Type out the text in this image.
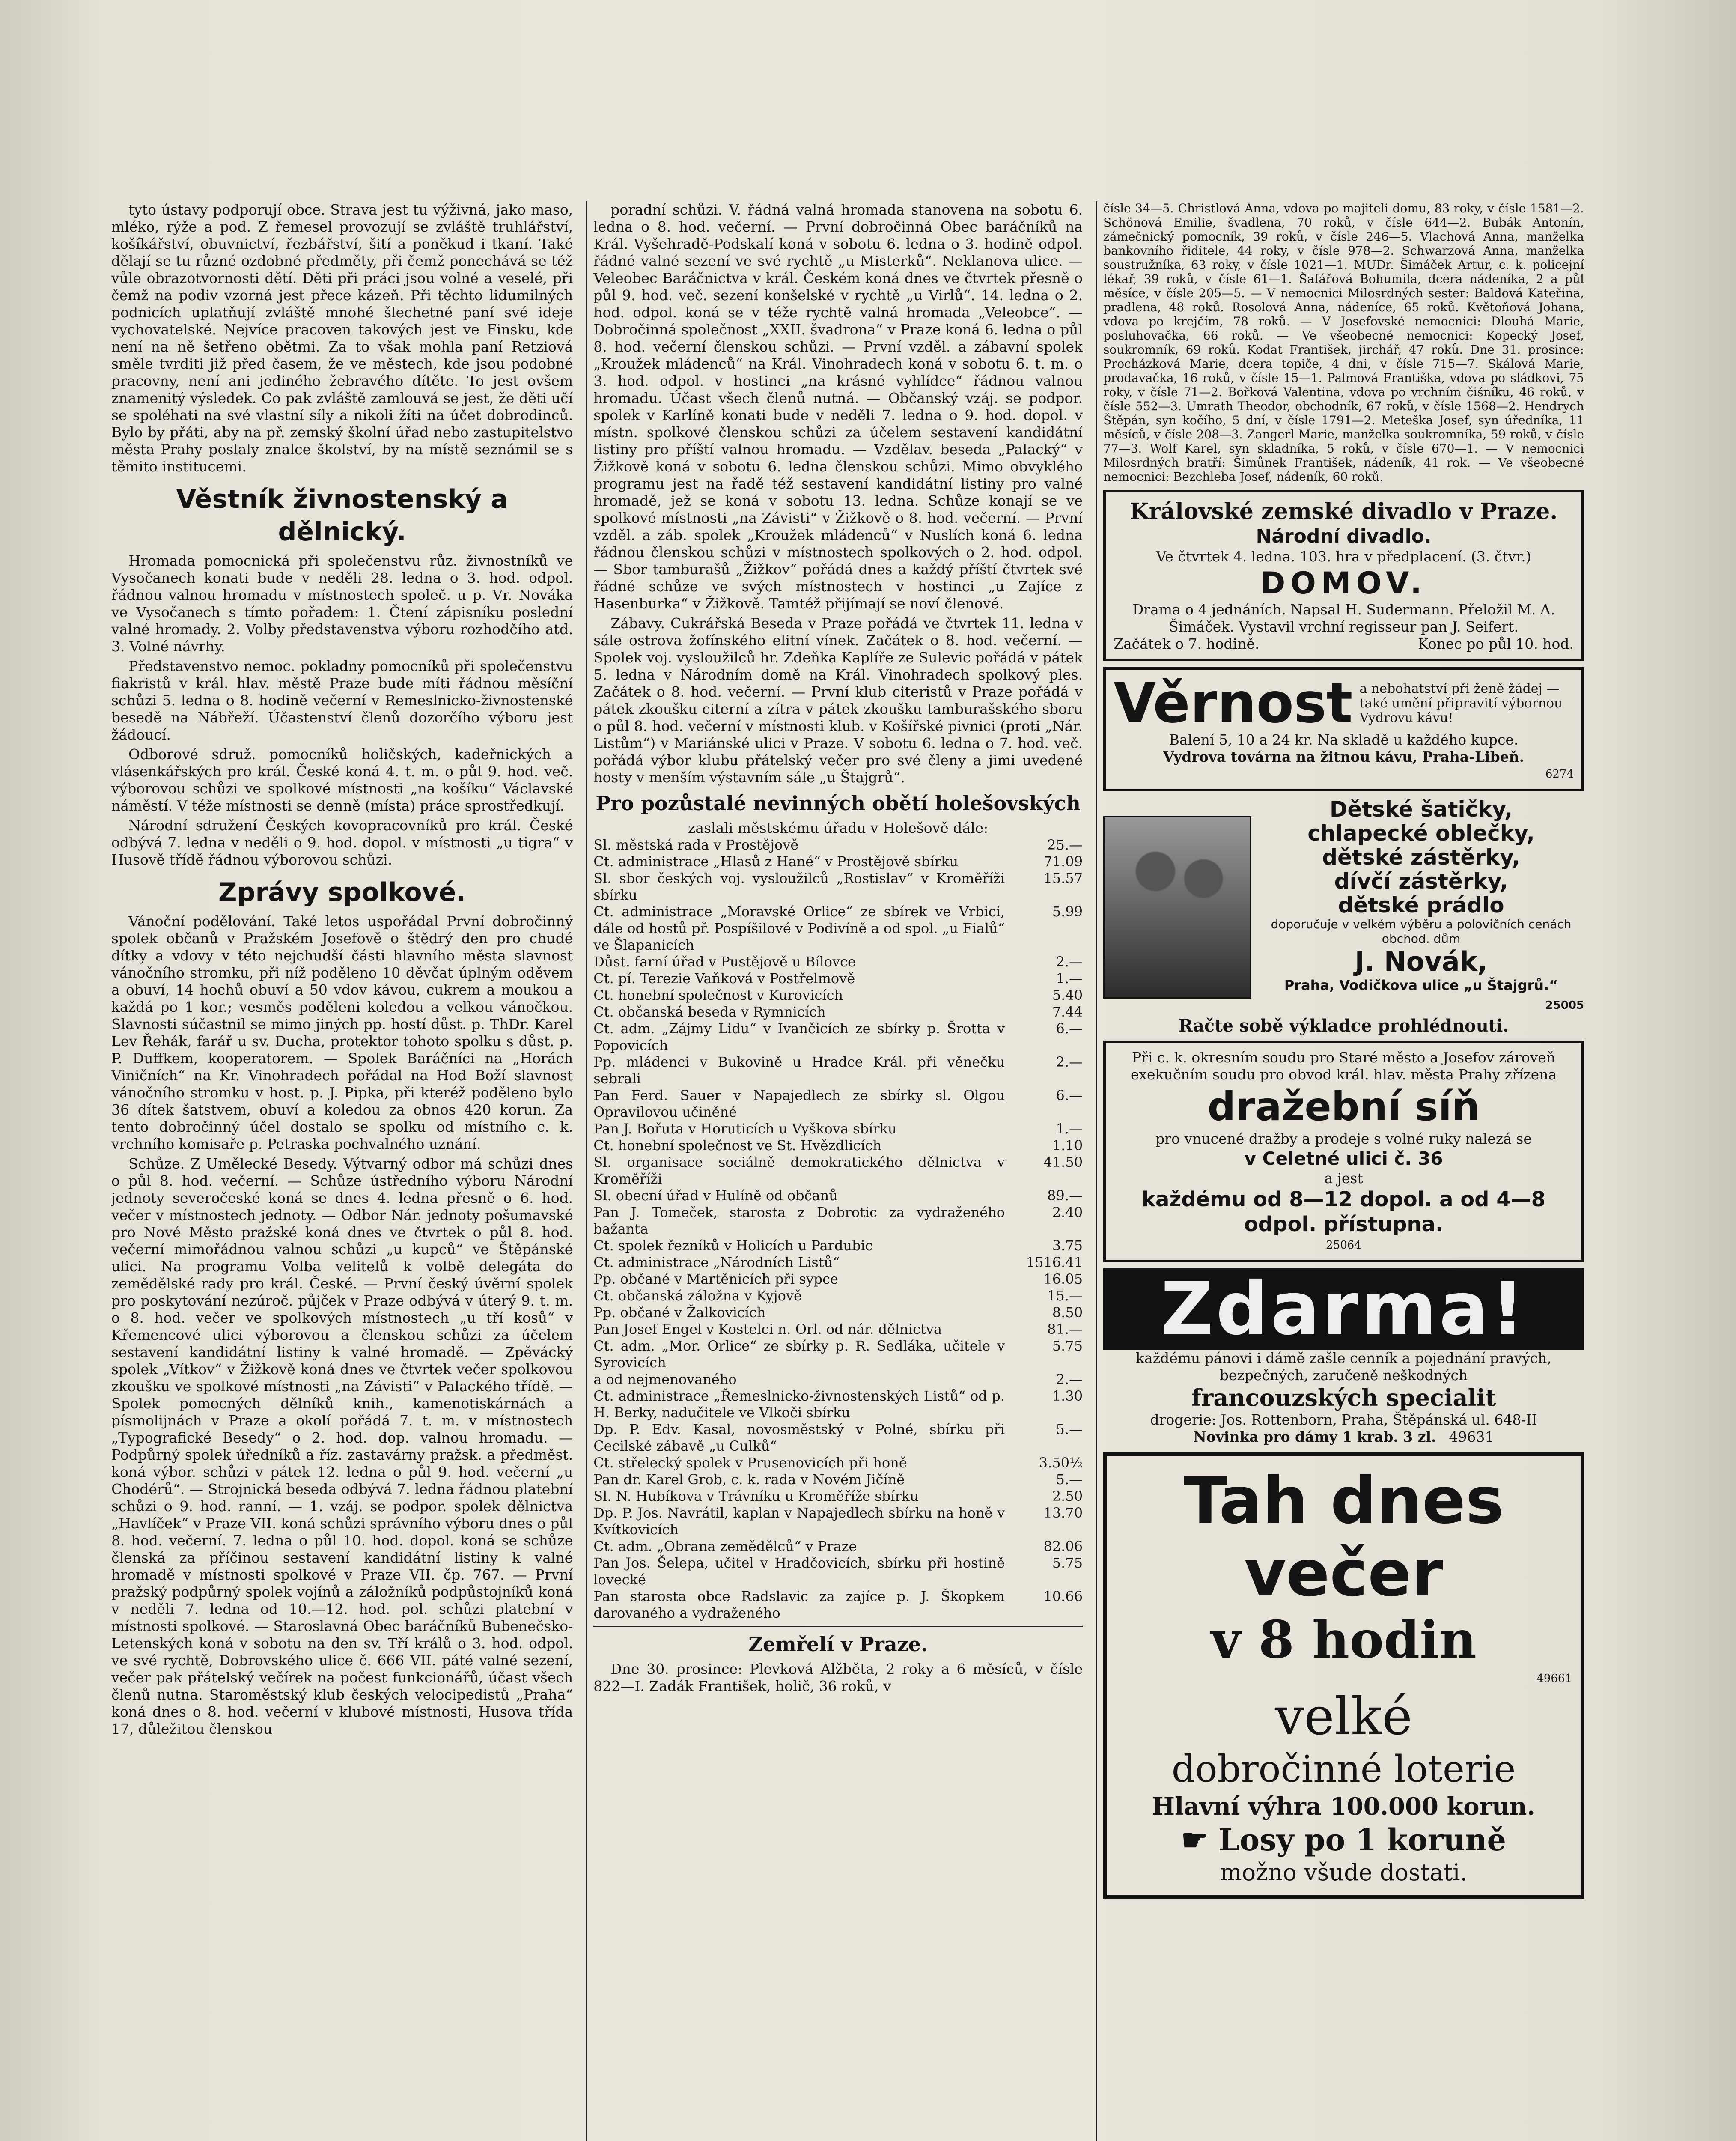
tyto ústavy podporují obce. Strava jest tu výživná, jako maso, mléko, rýže a pod. Z řemesel provozují se zvláště truhlářství, košíkářství, obuvnictví, řezbářství, šití a poněkud i tkaní. Také dělají se tu různé ozdobné předměty, při čemž ponechává se též vůle obrazotvornosti dětí. Děti při práci jsou volné a veselé, při čemž na podiv vzorná jest přece kázeň. Při těchto lidumilných podnicích uplatňují zvláště mnohé šlechetné paní své ideje vychovatelské. Nejvíce pracoven takových jest ve Finsku, kde není na ně šetřeno obětmi. Za to však mohla paní Retziová směle tvrditi již před časem, že ve městech, kde jsou podobné pracovny, není ani jediného žebravého dítěte. To jest ovšem znamenitý výsledek. Co pak zvláště zamlouvá se jest, že děti učí se spoléhati na své vlastní síly a nikoli žíti na účet dobrodinců. Bylo by přáti, aby na př. zemský školní úřad nebo zastupitelstvo města Prahy poslaly znalce školství, by na místě seznámil se s těmito institucemi.

Věstník živnostenský a dělnický.

Hromada pomocnická při společenstvu růz. živnostníků ve Vysočanech konati bude v neděli 28. ledna o 3. hod. odpol. řádnou valnou hromadu v místnostech společ. u p. Vr. Nováka ve Vysočanech s tímto pořadem: 1. Čtení zápisníku poslední valné hromady. 2. Volby představenstva výboru rozhodčího atd. 3. Volné návrhy.

Představenstvo nemoc. pokladny pomocníků při společenstvu fiakristů v král. hlav. městě Praze bude míti řádnou měsíční schůzi 5. ledna o 8. hodině večerní v Remeslnicko-živnostenské besedě na Nábřeží. Účastenství členů dozorčího výboru jest žádoucí.

Odborové sdruž. pomocníků holičských, kadeřnických a vlásenkářských pro král. České koná 4. t. m. o půl 9. hod. več. výborovou schůzi ve spolkové místnosti „na košíku“ Václavské náměstí. V téže místnosti se denně (místa) práce sprostředkují.

Národní sdružení Českých kovopracovníků pro král. České odbývá 7. ledna v neděli o 9. hod. dopol. v místnosti „u tigra“ v Husově třídě řádnou výborovou schůzi.

Zprávy spolkové.

Vánoční podělování. Také letos uspořádal První dobročinný spolek občanů v Pražském Josefově o štědrý den pro chudé dítky a vdovy v této nejchudší části hlavního města slavnost vánočního stromku, při níž poděleno 10 děvčat úplným oděvem a obuví, 14 hochů obuví a 50 vdov kávou, cukrem a moukou a každá po 1 kor.; vesměs poděleni koledou a velkou vánočkou. Slavnosti súčastnil se mimo jiných pp. hostí důst. p. ThDr. Karel Lev Řehák, farář u sv. Ducha, protektor tohoto spolku s důst. p. P. Duffkem, kooperatorem. — Spolek Baráčníci na „Horách Viničních“ na Kr. Vinohradech pořádal na Hod Boží slavnost vánočního stromku v host. p. J. Pipka, při kteréž poděleno bylo 36 dítek šatstvem, obuví a koledou za obnos 420 korun. Za tento dobročinný účel dostalo se spolku od místního c. k. vrchního komisaře p. Petraska pochvalného uznání.

Schůze. Z Umělecké Besedy. Výtvarný odbor má schůzi dnes o půl 8. hod. večerní. — Schůze ústředního výboru Národní jednoty severočeské koná se dnes 4. ledna přesně o 6. hod. večer v místnostech jednoty. — Odbor Nár. jednoty pošumavské pro Nové Město pražské koná dnes ve čtvrtek o půl 8. hod. večerní mimořádnou valnou schůzi „u kupců“ ve Štěpánské ulici. Na programu Volba velitelů k volbě delegáta do zemědělské rady pro král. České. — První český úvěrní spolek pro poskytování nezúroč. půjček v Praze odbývá v úterý 9. t. m. o 8. hod. večer ve spolkových místnostech „u tří kosů“ v Křemencové ulici výborovou a členskou schůzi za účelem sestavení kandidátní listiny k valné hromadě. — Zpěvácký spolek „Vítkov“ v Žižkově koná dnes ve čtvrtek večer spolkovou zkoušku ve spolkové místnosti „na Závisti“ v Palackého třídě. — Spolek pomocných dělníků knih., kamenotiskárnách a písmolijnách v Praze a okolí pořádá 7. t. m. v místnostech „Typografické Besedy“ o 2. hod. dop. valnou hromadu. — Podpůrný spolek úředníků a říz. zastavárny pražsk. a předměst. koná výbor. schůzi v pátek 12. ledna o půl 9. hod. večerní „u Chodérů“. — Strojnická beseda odbývá 7. ledna řádnou platební schůzi o 9. hod. ranní. — 1. vzáj. se podpor. spolek dělnictva „Havlíček“ v Praze VII. koná schůzi správního výboru dnes o půl 8. hod. večerní. 7. ledna o půl 10. hod. dopol. koná se schůze členská za příčinou sestavení kandidátní listiny k valné hromadě v místnosti spolkové v Praze VII. čp. 767. — První pražský podpůrný spolek vojínů a záložníků podpůstojníků koná v neděli 7. ledna od 10.—12. hod. pol. schůzi platební v místnosti spolkové. — Staroslavná Obec baráčníků Bubenečsko-Letenských koná v sobotu na den sv. Tří králů o 3. hod. odpol. ve své rychtě, Dobrovského ulice č. 666 VII. páté valné sezení, večer pak přátelský večírek na počest funkcionářů, účast všech členů nutna. Staroměstský klub českých velocipedistů „Praha“ koná dnes o 8. hod. večerní v klubové místnosti, Husova třída 17, důležitou členskou

poradní schůzi. V. řádná valná hromada stanovena na sobotu 6. ledna o 8. hod. večerní. — První dobročinná Obec baráčníků na Král. Vyšehradě-Podskalí koná v sobotu 6. ledna o 3. hodině odpol. řádné valné sezení ve své rychtě „u Misterků“. Neklanova ulice. — Veleobec Baráčnictva v král. Českém koná dnes ve čtvrtek přesně o půl 9. hod. več. sezení konšelské v rychtě „u Virlů“. 14. ledna o 2. hod. odpol. koná se v téže rychtě valná hromada „Veleobce“. — Dobročinná společnost „XXII. švadrona“ v Praze koná 6. ledna o půl 8. hod. večerní členskou schůzi. — První vzděl. a zábavní spolek „Kroužek mládenců“ na Král. Vinohradech koná v sobotu 6. t. m. o 3. hod. odpol. v hostinci „na krásné vyhlídce“ řádnou valnou hromadu. Účast všech členů nutná. — Občanský vzáj. se podpor. spolek v Karlíně konati bude v neděli 7. ledna o 9. hod. dopol. v místn. spolkové členskou schůzi za účelem sestavení kandidátní listiny pro příští valnou hromadu. — Vzdělav. beseda „Palacký“ v Žižkově koná v sobotu 6. ledna členskou schůzi. Mimo obvyklého programu jest na řadě též sestavení kandidátní listiny pro valné hromadě, jež se koná v sobotu 13. ledna. Schůze konají se ve spolkové místnosti „na Závisti“ v Žižkově o 8. hod. večerní. — První vzděl. a záb. spolek „Kroužek mládenců“ v Nuslích koná 6. ledna řádnou členskou schůzi v místnostech spolkových o 2. hod. odpol. — Sbor tamburašů „Žižkov“ pořádá dnes a každý příští čtvrtek své řádné schůze ve svých místnostech v hostinci „u Zajíce z Hasenburka“ v Žižkově. Tamtéž přijímají se noví členové.

Zábavy. Cukrářská Beseda v Praze pořádá ve čtvrtek 11. ledna v sále ostrova žofínského elitní vínek. Začátek o 8. hod. večerní. — Spolek voj. vysloužilců hr. Zdeňka Kaplíře ze Sulevic pořádá v pátek 5. ledna v Národním domě na Král. Vinohradech spolkový ples. Začátek o 8. hod. večerní. — První klub citeristů v Praze pořádá v pátek zkoušku citerní a zítra v pátek zkoušku tamburašského sboru o půl 8. hod. večerní v místnosti klub. v Košířské pivnici (proti „Nár. Listům“) v Mariánské ulici v Praze. V sobotu 6. ledna o 7. hod. več. pořádá výbor klubu přátelský večer pro své členy a jimi uvedené hosty v menším výstavním sále „u Štajgrů“.

Pro pozůstalé nevinných obětí holešovských
zaslali městskému úřadu v Holešově dále:
Sl. městská rada v Prostějově	25.—
Ct. administrace „Hlasů z Hané“ v Prostějově sbírku	71.09
Sl. sbor českých voj. vysloužilců „Rostislav“ v Kroměříži sbírku
15.57
Ct. administrace „Moravské Orlice“ ze sbírek ve Vrbici, dále od hostů př. Pospíšilové v Podivíně a od spol. „u Fialů“ ve Šlapanicích
5.99
Důst. farní úřad v Pustějově u Bílovce	2.—
Ct. pí. Terezie Vaňková v Postřelmově	1.—
Ct. honební společnost v Kurovicích	5.40
Ct. občanská beseda v Rymnicích	7.44
Ct. adm. „Zájmy Lidu“ v Ivančicích ze sbírky p. Šrotta v Popovicích
6.—
Pp. mládenci v Bukovině u Hradce Král. při věnečku sebrali
2.—
Pan Ferd. Sauer v Napajedlech ze sbírky sl. Olgou Opravilovou učiněné
6.—
Pan J. Bořuta v Horuticích u Vyškova sbírku	1.—
Ct. honební společnost ve St. Hvězdlicích	1.10
Sl. organisace sociálně demokratického dělnictva v Kroměříži
41.50
Sl. obecní úřad v Hulíně od občanů	89.—
Pan J. Tomeček, starosta z Dobrotic za vydraženého bažanta
2.40
Ct. spolek řezníků v Holicích u Pardubic	3.75
Ct. administrace „Národních Listů“	1516.41
Pp. občané v Martěnicích při sypce	16.05
Ct. občanská záložna v Kyjově	15.—
Pp. občané v Žalkovicích	8.50
Pan Josef Engel v Kostelci n. Orl. od nár. dělnictva	81.—
Ct. adm. „Mor. Orlice“ ze sbírky p. R. Sedláka, učitele v Syrovicích
5.75
a od nejmenovaného	2.—
Ct. administrace „Řemeslnicko-živnostenských Listů“ od p. H. Berky, nadučitele ve Vlkoči sbírku
1.30
Dp. P. Edv. Kasal, novosměstský v Polné, sbírku při Cecilské zábavě „u Culků“
5.—
Ct. střelecký spolek v Prusenovicích při honě	3.50½
Pan dr. Karel Grob, c. k. rada v Novém Jičíně	5.—
Sl. N. Hubíkova v Trávníku u Kroměříže sbírku	2.50
Dp. P. Jos. Navrátil, kaplan v Napajedlech sbírku na honě v Kvítkovicích
13.70
Ct. adm. „Obrana zemědělců“ v Praze	82.06
Pan Jos. Šelepa, učitel v Hradčovicích, sbírku při hostině lovecké
5.75
Pan starosta obce Radslavic za zajíce p. J. Škopkem darovaného a vydraženého
10.66
Zemřelí v Praze.

Dne 30. prosince: Plevková Alžběta, 2 roky a 6 měsíců, v čísle 822—I. Zadák František, holič, 36 roků, v

čísle 34—5. Christlová Anna, vdova po majiteli domu, 83 roky, v čísle 1581—2. Schönová Emilie, švadlena, 70 roků, v čísle 644—2. Bubák Antonín, zámečnický pomocník, 39 roků, v čísle 246—5. Vlachová Anna, manželka bankovního řiditele, 44 roky, v čísle 978—2. Schwarzová Anna, manželka soustružníka, 63 roky, v čísle 1021—1. MUDr. Šimáček Artur, c. k. policejní lékař, 39 roků, v čísle 61—1. Šafářová Bohumila, dcera nádeníka, 2 a půl měsíce, v čísle 205—5. — V nemocnici Milosrdných sester: Baldová Kateřina, pradlena, 48 roků. Rosolová Anna, nádeníce, 65 roků. Květoňová Johana, vdova po krejčím, 78 roků. — V Josefovské nemocnici: Dlouhá Marie, posluhovačka, 66 roků. — Ve všeobecné nemocnici: Kopecký Josef, soukromník, 69 roků. Kodat František, jirchář, 47 roků. Dne 31. prosince: Procházková Marie, dcera topiče, 4 dni, v čísle 715—7. Skálová Marie, prodavačka, 16 roků, v čísle 15—1. Palmová Františka, vdova po sládkovi, 75 roky, v čísle 71—2. Bořková Valentina, vdova po vrchním čiśníku, 46 roků, v čísle 552—3. Umrath Theodor, obchodník, 67 roků, v čísle 1568—2. Hendrych Štěpán, syn kočího, 5 dní, v čísle 1791—2. Meteška Josef, syn úředníka, 11 měsíců, v čísle 208—3. Zangerl Marie, manželka soukromníka, 59 roků, v čísle 77—3. Wolf Karel, syn skladníka, 5 roků, v čísle 670—1. — V nemocnici Milosrdných bratří: Šimůnek František, nádeník, 41 rok. — Ve všeobecné nemocnici: Bezchleba Josef, nádeník, 60 roků.
Královské zemské divadlo v Praze.
Národní divadlo.
Ve čtvrtek 4. ledna. 103. hra v předplacení. (3. čtvr.)
DOMOV.
Drama o 4 jednáních. Napsal H. Sudermann. Přeložil M. A. Šimáček. Vystavil vrchní regisseur pan J. Seifert.
Začátek o 7. hodině.	Konec po půl 10. hod.
Věrnost a nebohatství při ženě žádej — také umění připravití výbornou Vydrovu kávu!
Balení 5, 10 a 24 kr. Na skladě u každého kupce.
Vydrova továrna na žitnou kávu, Praha-Libeň.
6274
Dětské šatičky,
chlapecké oblečky,
dětské zástěrky,
dívčí zástěrky,
dětské prádlo
doporučuje v velkém výběru a polovičních cenách obchod. dům
J. Novák,
Praha, Vodičkova ulice „u Štajgrů.“
25005
Račte sobě výkladce prohlédnouti.
Při c. k. okresním soudu pro Staré město a Josefov zároveň exekučním soudu pro obvod král. hlav. města Prahy zřízena
dražební síň
pro vnucené dražby a prodeje s volné ruky nalezá se
v Celetné ulici č. 36
a jest
každému od 8—12 dopol. a od 4—8 odpol. přístupna.
25064
Zdarma!
každému pánovi i dámě zašle cenník a pojednání pravých, bezpečných, zaručeně neškodných
francouzských specialit
drogerie: Jos. Rottenborn, Praha, Štěpánská ul. 648-II
Novinka pro dámy 1 krab. 3 zl. 49631
Tah dnes večer
v 8 hodin
49661
velké
dobročinné loterie
Hlavní výhra 100.000 korun.
☛ Losy po 1 koruně
možno všude dostati.
